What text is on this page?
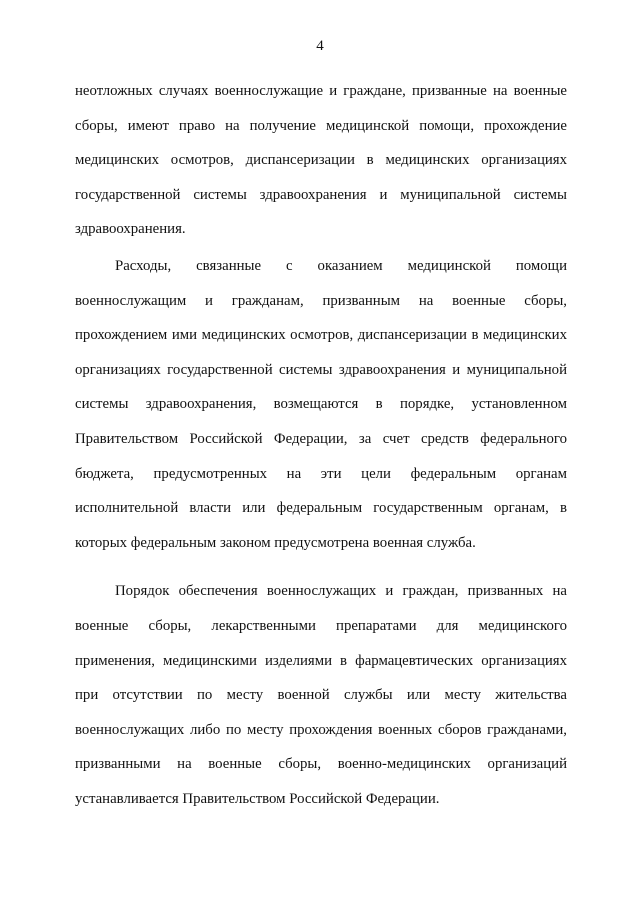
4

неотложных случаях военнослужащие и граждане, призванные на военные сборы, имеют право на получение медицинской помощи, прохождение медицинских осмотров, диспансеризации в медицинских организациях государственной системы здравоохранения и муниципальной системы здравоохранения.

Расходы, связанные с оказанием медицинской помощи военнослужащим и гражданам, призванным на военные сборы, прохождением ими медицинских осмотров, диспансеризации в медицинских организациях государственной системы здравоохранения и муниципальной системы здравоохранения, возмещаются в порядке, установленном Правительством Российской Федерации, за счет средств федерального бюджета, предусмотренных на эти цели федеральным органам исполнительной власти или федеральным государственным органам, в которых федеральным законом предусмотрена военная служба.

Порядок обеспечения военнослужащих и граждан, призванных на военные сборы, лекарственными препаратами для медицинского применения, медицинскими изделиями в фармацевтических организациях при отсутствии по месту военной службы или месту жительства военнослужащих либо по месту прохождения военных сборов гражданами, призванными на военные сборы, военно-медицинских организаций устанавливается Правительством Российской Федерации.
